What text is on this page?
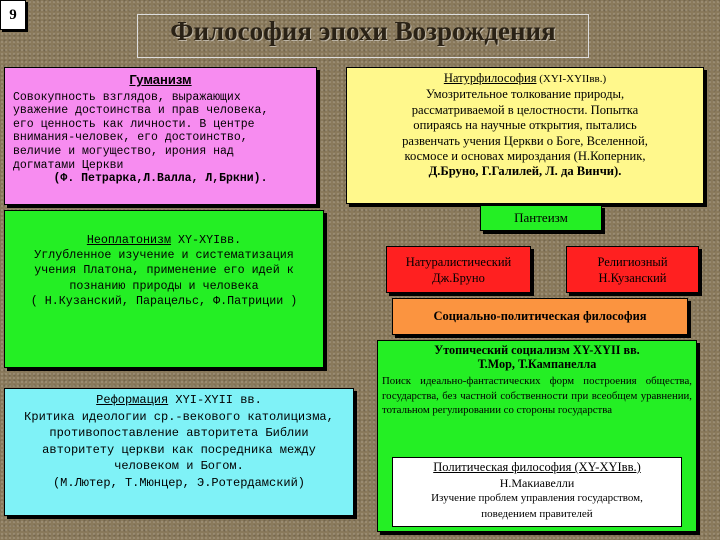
9
Философия эпохи Возрождения
Гуманизм
Совокупность взглядов, выражающих
уважение достоинства и прав человека,
его ценность как личности. В центре
внимания-человек, его достоинство,
величие и могущество, ирония над
догматами Церкви
(Ф. Петрарка,Л.Валла, Л,Бркни).
Натурфилософия (XYI-XYIIвв.)
Умозрительное толкование природы,
рассматриваемой в целостности. Попытка
опираясь на научные открытия, пытались
развенчать учения Церкви о Боге, Вселенной,
космосе и основах мироздания (Н.Коперник,
Д.Бруно, Г.Галилей, Л. да Винчи).
Пантеизм
Натуралистический
Дж.Бруно
Религиозный
Н.Кузанский
Неоплатонизм XY-XYIвв.
Углубленное изучение и систематизация
учения Платона, применение его идей к
познанию природы и человека
( Н.Кузанский, Парацельс, Ф.Патриции )
Реформация XYI-XYII вв.
Критика идеологии ср.-векового католицизма,
противопоставление авторитета Библии
авторитету церкви как посредника между
человеком и Богом.
(М.Лютер, Т.Мюнцер, Э.Ротердамский)
Социально-политическая философия
Утопический социализм XY-XYII вв.
Т.Мор, Т.Кампанелла
Поиск идеально-фантастических форм построения общества, государства, без частной собственности при всеобщем уравнении, тотальном регулировании со стороны государства
Политическая философия (XY-XYIвв.)
Н.Макиавелли
Изучение проблем управления государством,
поведением правителей
